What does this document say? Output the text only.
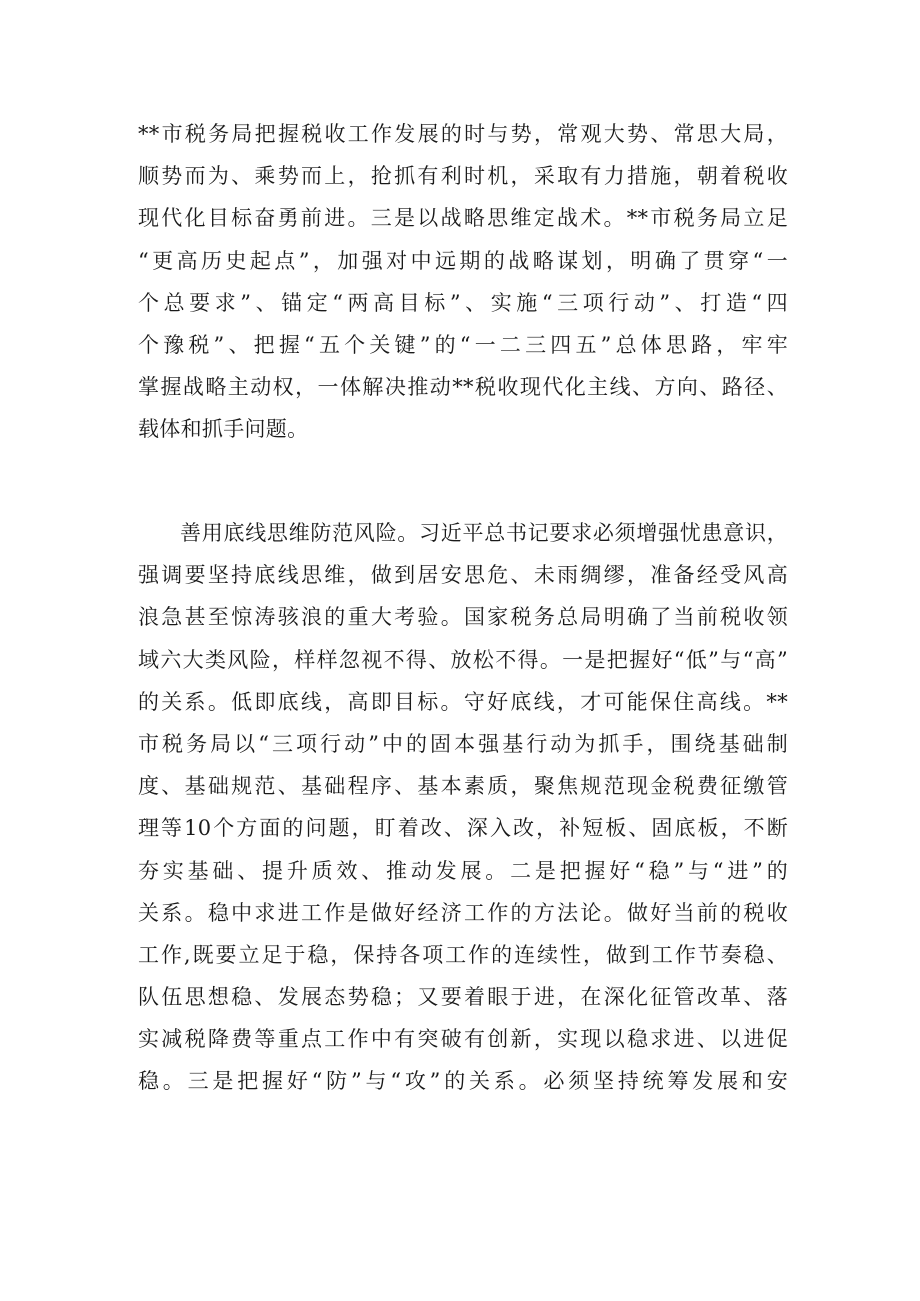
**市税务局把握税收工作发展的时与势，常观大势、常思大局，
顺势而为、乘势而上，抢抓有利时机，采取有力措施，朝着税收
现代化目标奋勇前进。三是以战略思维定战术。**市税务局立足
“更高历史起点”，加强对中远期的战略谋划，明确了贯穿“一
个总要求”、锚定“两高目标”、实施“三项行动”、打造“四
个豫税”、把握“五个关键”的“一二三四五”总体思路，牢牢
掌握战略主动权，一体解决推动**税收现代化主线、方向、路径、
载体和抓手问题。
善用底线思维防范风险。习近平总书记要求必须增强忧患意识，
强调要坚持底线思维，做到居安思危、未雨绸缪，准备经受风高
浪急甚至惊涛骇浪的重大考验。国家税务总局明确了当前税收领
域六大类风险，样样忽视不得、放松不得。一是把握好“低”与“高”
的关系。低即底线，高即目标。守好底线，才可能保住高线。**
市税务局以“三项行动”中的固本强基行动为抓手，围绕基础制
度、基础规范、基础程序、基本素质，聚焦规范现金税费征缴管
理等10个方面的问题，盯着改、深入改，补短板、固底板，不断
夯实基础、提升质效、推动发展。二是把握好“稳”与“进”的
关系。稳中求进工作是做好经济工作的方法论。做好当前的税收
工作,既要立足于稳，保持各项工作的连续性，做到工作节奏稳、
队伍思想稳、发展态势稳；又要着眼于进，在深化征管改革、落
实减税降费等重点工作中有突破有创新，实现以稳求进、以进促
稳。三是把握好“防”与“攻”的关系。必须坚持统筹发展和安
